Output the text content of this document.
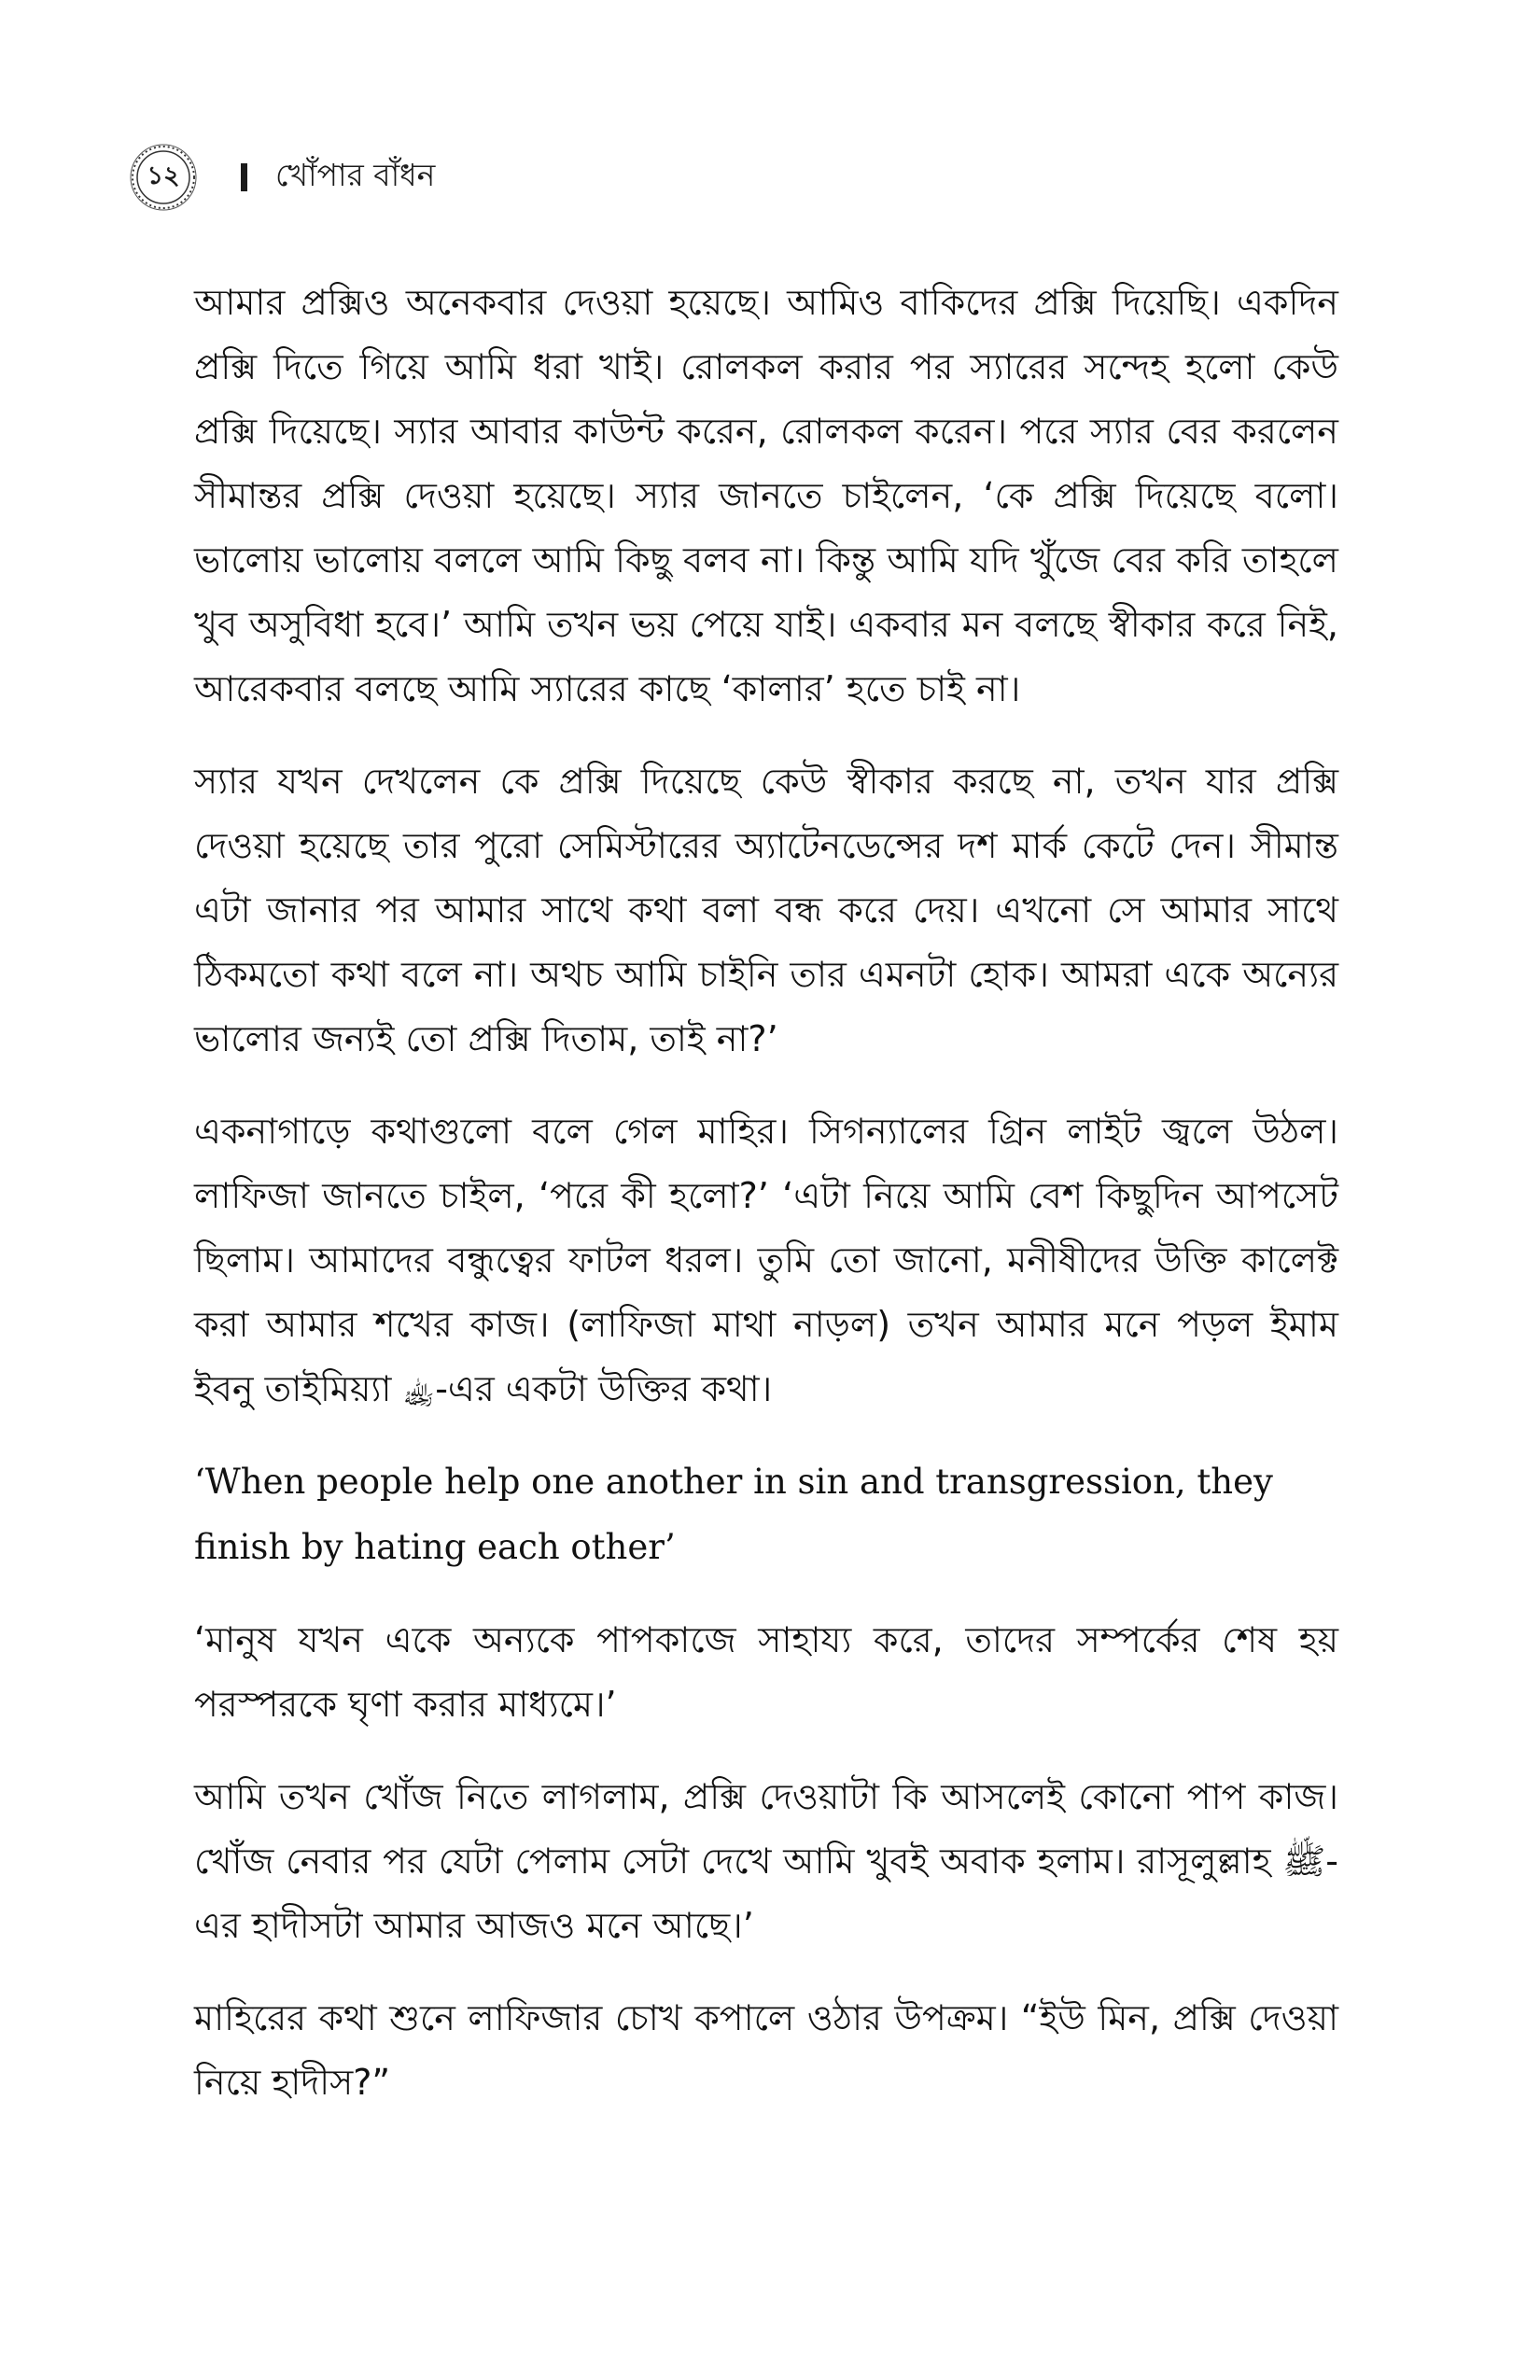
১২	খোঁপার বাঁধন

আমার প্রক্সিও অনেকবার দেওয়া হয়েছে। আমিও বাকিদের প্রক্সি দিয়েছি। একদিন প্রক্সি দিতে গিয়ে আমি ধরা খাই। রোলকল করার পর স্যারের সন্দেহ হলো কেউ প্রক্সি দিয়েছে। স্যার আবার কাউন্ট করেন, রোলকল করেন। পরে স্যার বের করলেন সীমান্তর প্রক্সি দেওয়া হয়েছে। স্যার জানতে চাইলেন, ‘কে প্রক্সি দিয়েছে বলো। ভালোয় ভালোয় বললে আমি কিছু বলব না। কিন্তু আমি যদি খুঁজে বের করি তাহলে খুব অসুবিধা হবে।’ আমি তখন ভয় পেয়ে যাই। একবার মন বলছে স্বীকার করে নিই, আরেকবার বলছে আমি স্যারের কাছে ‘কালার’ হতে চাই না।

স্যার যখন দেখলেন কে প্রক্সি দিয়েছে কেউ স্বীকার করছে না, তখন যার প্রক্সি দেওয়া হয়েছে তার পুরো সেমিস্টারের অ্যাটেনডেন্সের দশ মার্ক কেটে দেন। সীমান্ত এটা জানার পর আমার সাথে কথা বলা বন্ধ করে দেয়। এখনো সে আমার সাথে ঠিকমতো কথা বলে না। অথচ আমি চাইনি তার এমনটা হোক। আমরা একে অন্যের ভালোর জন্যই তো প্রক্সি দিতাম, তাই না?’

একনাগাড়ে কথাগুলো বলে গেল মাহির। সিগন্যালের গ্রিন লাইট জ্বলে উঠল। লাফিজা জানতে চাইল, ‘পরে কী হলো?’ ‘এটা নিয়ে আমি বেশ কিছুদিন আপসেট ছিলাম। আমাদের বন্ধুত্বের ফাটল ধরল। তুমি তো জানো, মনীষীদের উক্তি কালেক্ট করা আমার শখের কাজ। (লাফিজা মাথা নাড়ল) তখন আমার মনে পড়ল ইমাম ইবনু তাইমিয়্যা ﵀-এর একটা উক্তির কথা।

‘When people help one another in sin and transgression, they finish by hating each other’

‘মানুষ যখন একে অন্যকে পাপকাজে সাহায্য করে, তাদের সম্পর্কের শেষ হয় পরস্পরকে ঘৃণা করার মাধ্যমে।’

আমি তখন খোঁজ নিতে লাগলাম, প্রক্সি দেওয়াটা কি আসলেই কোনো পাপ কাজ। খোঁজ নেবার পর যেটা পেলাম সেটা দেখে আমি খুবই অবাক হলাম। রাসূলুল্লাহ ﷺ-এর হাদীসটা আমার আজও মনে আছে।’

মাহিরের কথা শুনে লাফিজার চোখ কপালে ওঠার উপক্রম। “ইউ মিন, প্রক্সি দেওয়া নিয়ে হাদীস?”
